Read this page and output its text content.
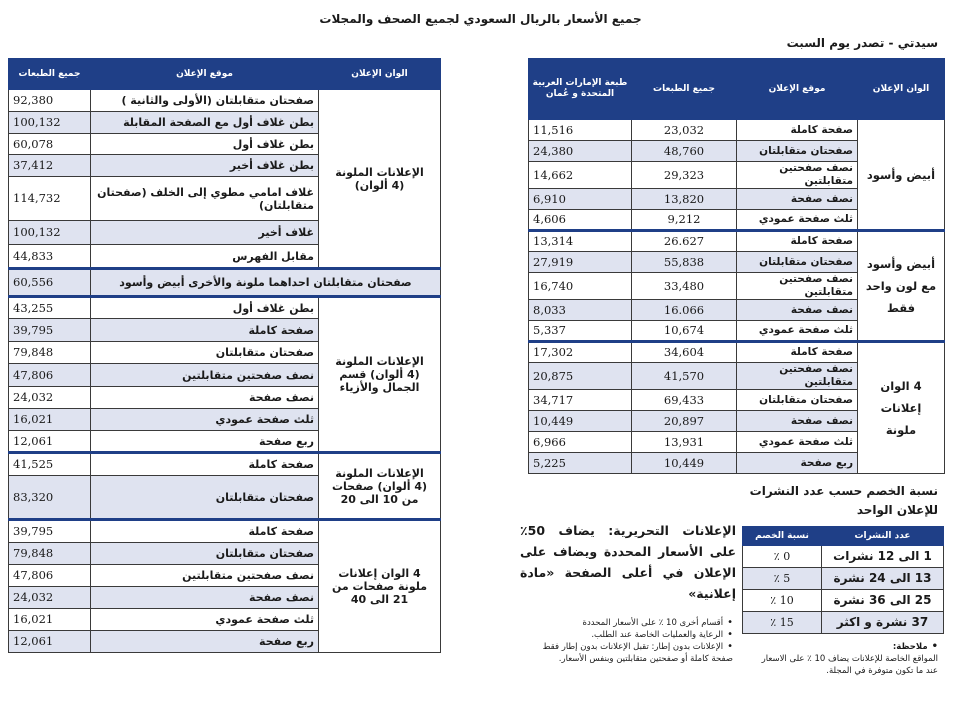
جميع الأسعار بالريال السعودي لجميع الصحف والمجلات
سيدتي - تصدر يوم السبت
الوان الإعلان	موقع الإعلان	جميع الطبعات
الإعلانات الملونة (4 ألوان)	صفحتان متقابلتان (الأولى والثانية )	92,380
	بطن غلاف أول مع الصفحة المقابلة	100,132
	بطن غلاف أول	60,078
	بطن غلاف أخير	37,412
	غلاف امامي مطوي إلى الخلف (صفحتان متقابلتان)	114,732
	غلاف أخير	100,132
	مقابل الفهرس	44,833
صفحتان متقابلتان احداهما ملونة والأخرى أبيض وأسود		60,556
الإعلانات الملونة (4 ألوان) قسم الجمال والأزياء	بطن غلاف أول	43,255
	صفحة كاملة	39,795
	صفحتان متقابلتان	79,848
	نصف صفحتين متقابلتين	47,806
	نصف صفحة	24,032
	ثلث صفحة عمودي	16,021
	ربع صفحة	12,061
الإعلانات الملونة (4 ألوان) صفحات من 10 الى 20	صفحة كاملة	41,525
	صفحتان متقابلتان	83,320
4 الوان إعلانات ملونة صفحات من 21 الى 40	صفحة كاملة	39,795
	صفحتان متقابلتان	79,848
	نصف صفحتين متقابلتين	47,806
	نصف صفحة	24,032
	ثلث صفحة عمودي	16,021
	ربع صفحة	12,061
الوان الإعلان	موقع الإعلان	جميع الطبعات	طبعة الإمارات العربية المتحدة و عُمان
أبيض وأسود	صفحة كاملة	23,032	11,516
	صفحتان متقابلتان	48,760	24,380
	نصف صفحتين متقابلتين	29,323	14,662
	نصف صفحة	13,820	6,910
	ثلث صفحة عمودي	9,212	4,606
أبيض وأسود مع لون واحد فقط	صفحة كاملة	26.627	13,314
	صفحتان متقابلتان	55,838	27,919
	نصف صفحتين متقابلتين	33,480	16,740
	نصف صفحة	16.066	8,033
	ثلث صفحة عمودي	10,674	5,337
4 الوان إعلانات ملونة	صفحة كاملة	34,604	17,302
	نصف صفحتين متقابلتين	41,570	20,875
	صفحتان متقابلتان	69,433	34,717
	نصف صفحة	20,897	10,449
	ثلث صفحة عمودي	13,931	6,966
	ربع صفحة	10,449	5,225
نسبة الخصم حسب عدد النشرات
للإعلان الواحد
عدد النشرات	نسبة الخصم
1 الى 12 نشرات	0 ٪
13 الى 24 نشرة	5 ٪
25 الى 36 نشرة	10 ٪
37 نشرة و اكثر	15 ٪
الإعلانات التحريرية: يضاف 50٪ على الأسعار المحددة ويضاف على الإعلان في أعلى الصفحة «مادة إعلانية»
• أقسام أخرى 10 ٪ على الأسعار المحددة
• الرعاية والعمليات الخاصة عند الطلب.
• الإعلانات بدون إطار: تقبل الإعلانات بدون إطار فقط صفحة كاملة أو صفحتين متقابلتين وبنفس الأسعار.
• ملاحظة:
المواقع الخاصة للإعلانات يضاف 10 ٪ على الاسعار عند ما تكون متوفرة في المجلة.
